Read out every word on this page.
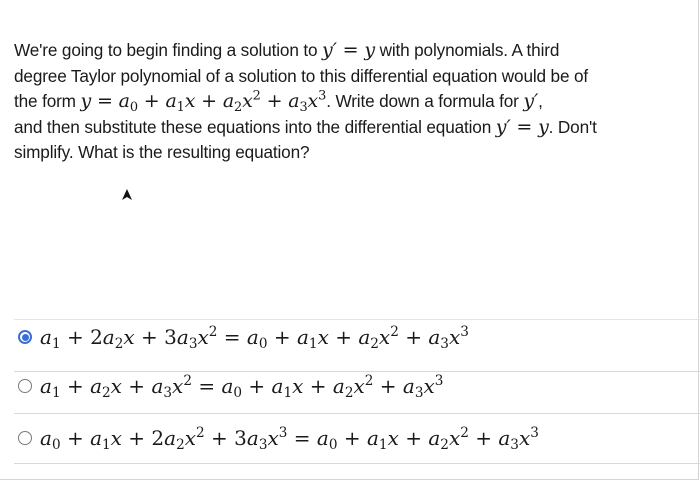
We're going to begin finding a solution to y′ = y with polynomials. A third
degree Taylor polynomial of a solution to this differential equation would be of
the form $y = a_0 + a_1x + a_2x^2 + a_3x^3$. Write down a formula for y′,
and then substitute these equations into the differential equation y′ = y. Don't
simplify. What is the resulting equation?

$a_1 + 2a_2x + 3a_3x^2 = a_0 + a_1x + a_2x^2 + a_3x^3$
$a_1 + a_2x + a_3x^2 = a_0 + a_1x + a_2x^2 + a_3x^3$
$a_0 + a_1x + 2a_2x^2 + 3a_3x^3 = a_0 + a_1x + a_2x^2 + a_3x^3$
